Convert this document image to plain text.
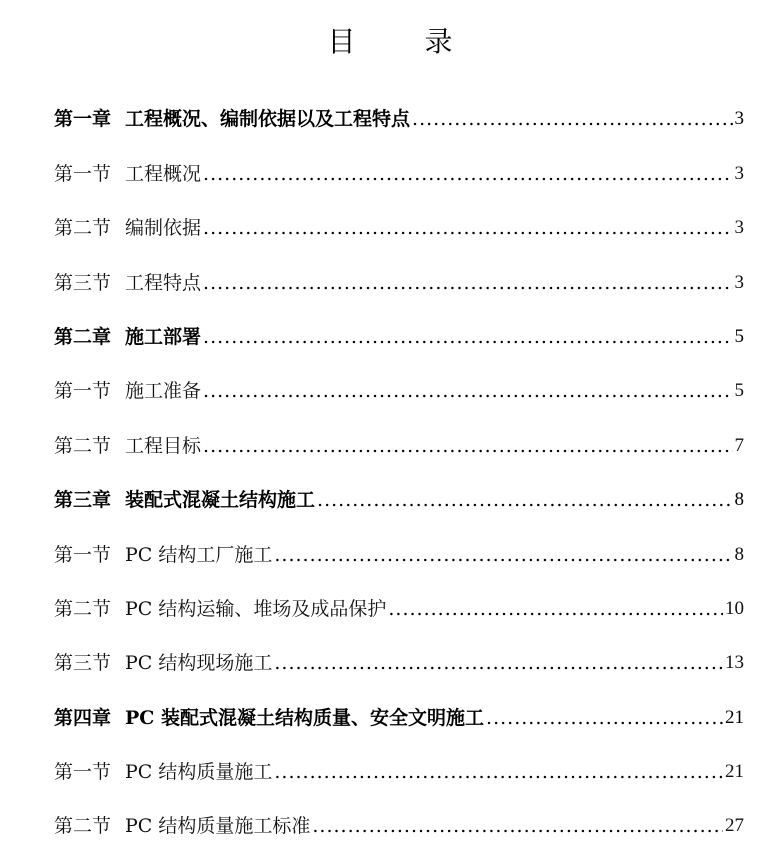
目 录
第一章 工程概况、编制依据以及工程特点 .....	3
第一节 工程概况 .....	3
第二节 编制依据 .....	3
第三节 工程特点 .....	3
第二章 施工部署 .....	5
第一节 施工准备 .....	5
第二节 工程目标 .....	7
第三章 装配式混凝土结构施工 .....	8
第一节 PC 结构工厂施工 .....	8
第二节 PC 结构运输、堆场及成品保护 .....	10
第三节 PC 结构现场施工 .....	13
第四章 PC 装配式混凝土结构质量、安全文明施工 .....	21
第一节 PC 结构质量施工 .....	21
第二节 PC 结构质量施工标准 .....	27
